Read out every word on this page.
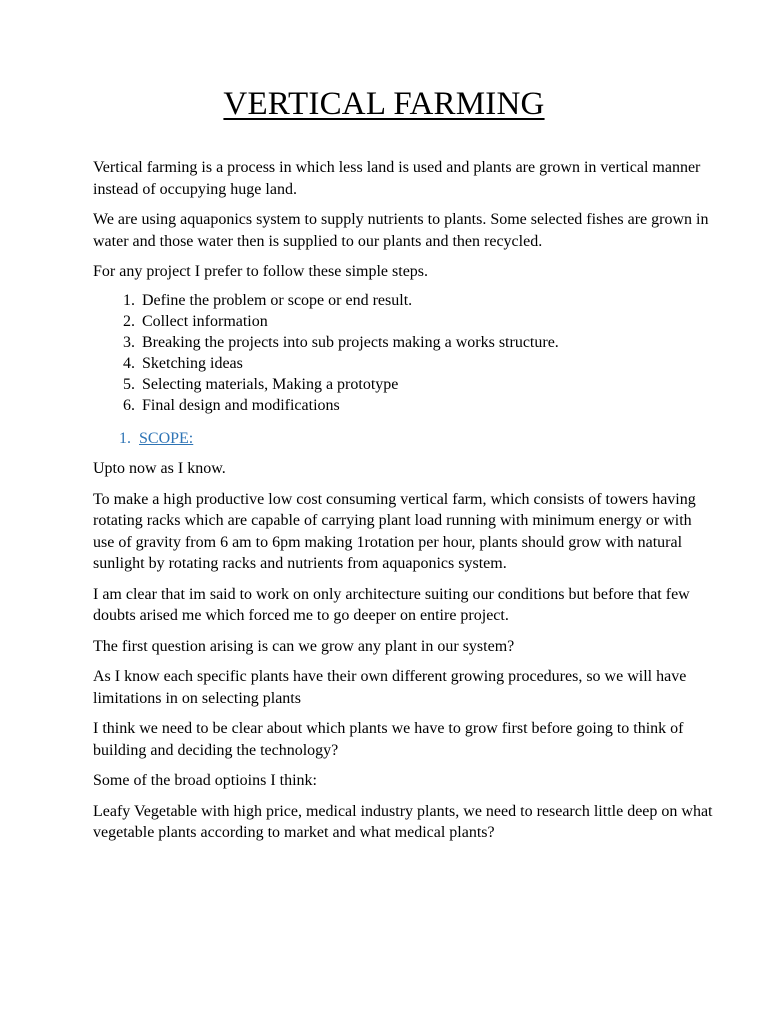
VERTICAL FARMING

Vertical farming is a process in which less land is used and plants are grown in vertical manner instead of occupying huge land.

We are using aquaponics system to supply nutrients to plants. Some selected fishes are grown in water and those water then is supplied to our plants and then recycled.

For any project I prefer to follow these simple steps.

1. Define the problem or scope or end result.
2. Collect information
3. Breaking the projects into sub projects making a works structure.
4. Sketching ideas
5. Selecting materials, Making a prototype
6. Final design and modifications

1. SCOPE:

Upto now as I know.

To make a high productive low cost consuming vertical farm, which consists of towers having rotating racks which are capable of carrying plant load running with minimum energy or with use of gravity from 6 am to 6pm making 1rotation per hour, plants should grow with natural sunlight by rotating racks and nutrients from aquaponics system.

I am clear that im said to work on only architecture suiting our conditions but before that few doubts arised me which forced me to go deeper on entire project.

The first question arising is can we grow any plant in our system?

As I know each specific plants have their own different growing procedures, so we will have limitations in on selecting plants

I think we need to be clear about which plants we have to grow first before going to think of building and deciding the technology?

Some of the broad optioins I think:

Leafy Vegetable with high price, medical industry plants, we need to research little deep on what vegetable plants according to market and what medical plants?
